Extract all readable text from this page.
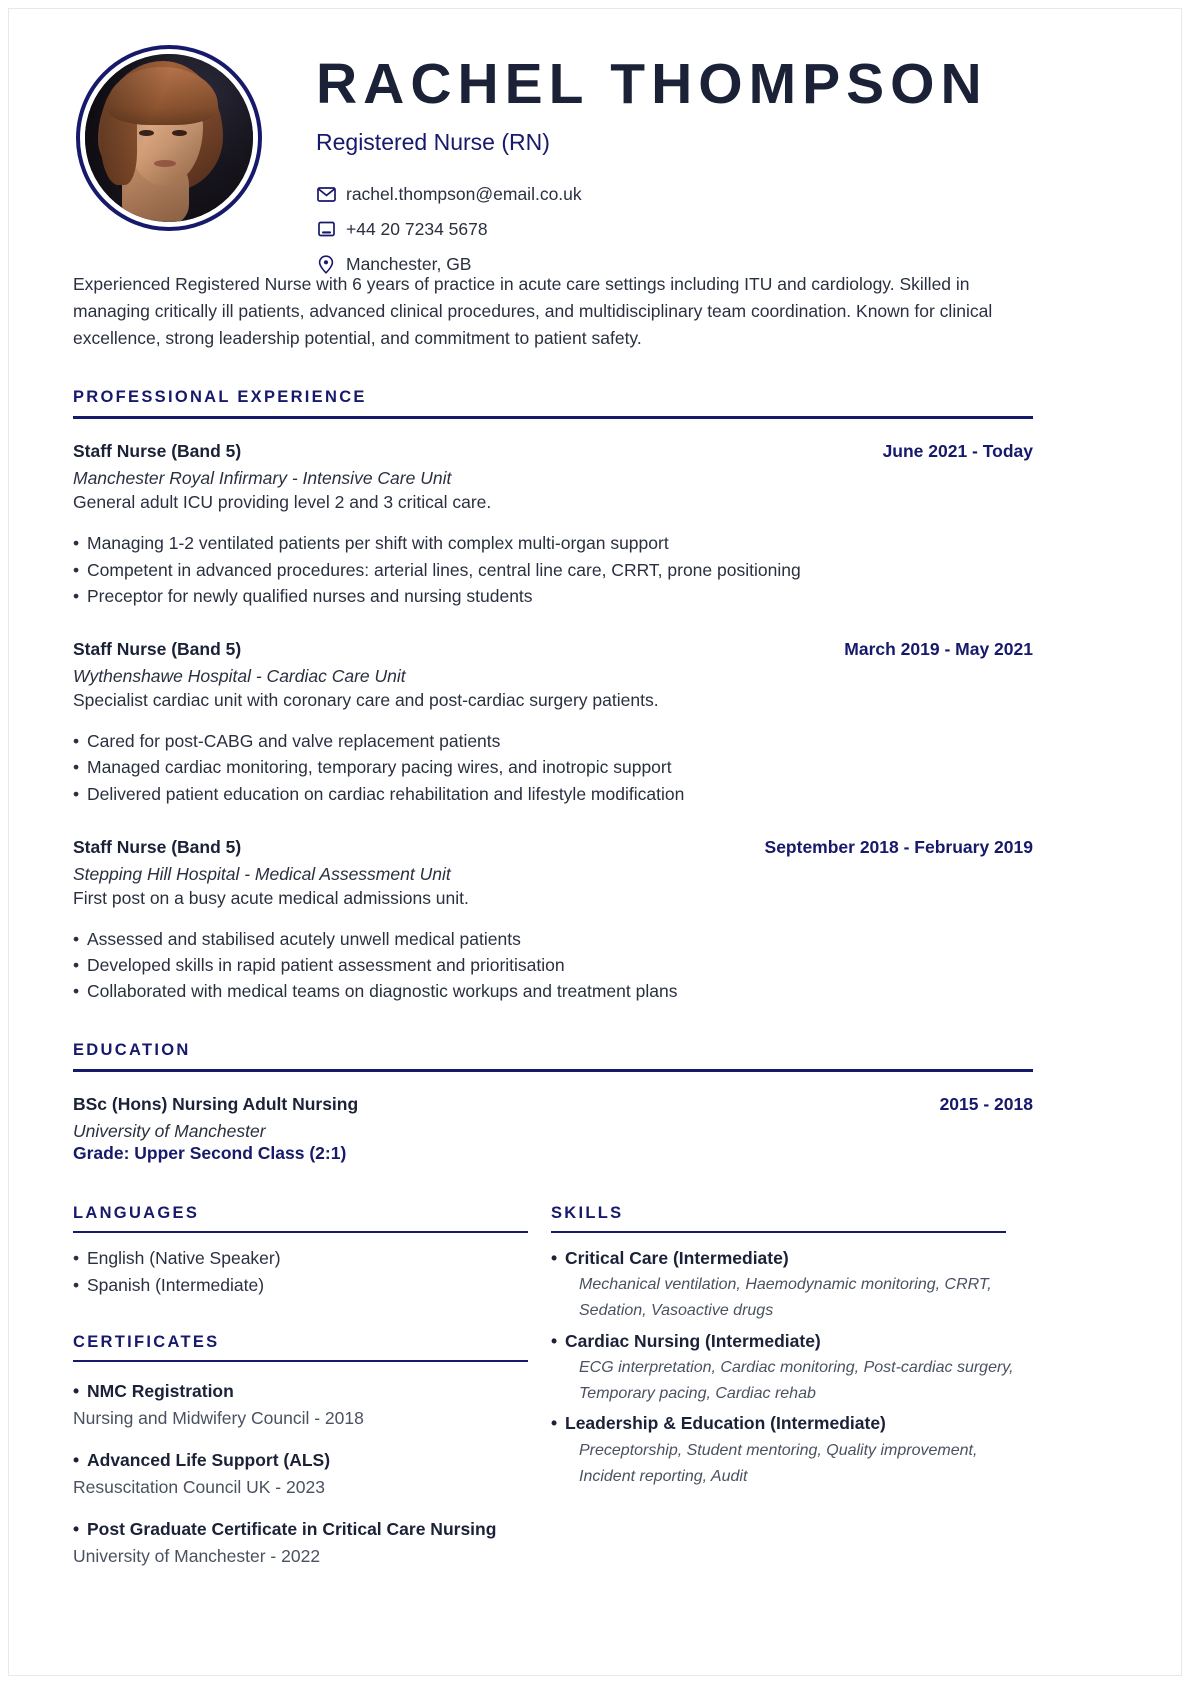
RACHEL THOMPSON
Registered Nurse (RN)
rachel.thompson@email.co.uk
+44 20 7234 5678
Manchester, GB
Experienced Registered Nurse with 6 years of practice in acute care settings including ITU and cardiology. Skilled in managing critically ill patients, advanced clinical procedures, and multidisciplinary team coordination. Known for clinical excellence, strong leadership potential, and commitment to patient safety.
PROFESSIONAL EXPERIENCE
Staff Nurse (Band 5)	June 2021 - Today
Manchester Royal Infirmary - Intensive Care Unit
General adult ICU providing level 2 and 3 critical care.
• Managing 1-2 ventilated patients per shift with complex multi-organ support
• Competent in advanced procedures: arterial lines, central line care, CRRT, prone positioning
• Preceptor for newly qualified nurses and nursing students
Staff Nurse (Band 5)	March 2019 - May 2021
Wythenshawe Hospital - Cardiac Care Unit
Specialist cardiac unit with coronary care and post-cardiac surgery patients.
• Cared for post-CABG and valve replacement patients
• Managed cardiac monitoring, temporary pacing wires, and inotropic support
• Delivered patient education on cardiac rehabilitation and lifestyle modification
Staff Nurse (Band 5)	September 2018 - February 2019
Stepping Hill Hospital - Medical Assessment Unit
First post on a busy acute medical admissions unit.
• Assessed and stabilised acutely unwell medical patients
• Developed skills in rapid patient assessment and prioritisation
• Collaborated with medical teams on diagnostic workups and treatment plans
EDUCATION
BSc (Hons) Nursing Adult Nursing	2015 - 2018
University of Manchester
Grade: Upper Second Class (2:1)
LANGUAGES
• English (Native Speaker)
• Spanish (Intermediate)
CERTIFICATES
• NMC Registration
Nursing and Midwifery Council - 2018
• Advanced Life Support (ALS)
Resuscitation Council UK - 2023
• Post Graduate Certificate in Critical Care Nursing
University of Manchester - 2022
SKILLS
• Critical Care (Intermediate)
Mechanical ventilation, Haemodynamic monitoring, CRRT, Sedation, Vasoactive drugs
• Cardiac Nursing (Intermediate)
ECG interpretation, Cardiac monitoring, Post-cardiac surgery, Temporary pacing, Cardiac rehab
• Leadership & Education (Intermediate)
Preceptorship, Student mentoring, Quality improvement, Incident reporting, Audit
